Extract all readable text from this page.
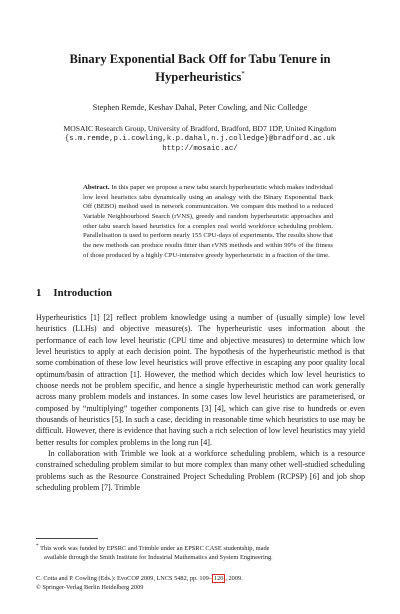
Binary Exponential Back Off for Tabu Tenure in
Hyperheuristics*
Stephen Remde, Keshav Dahal, Peter Cowling, and Nic Colledge
MOSAIC Research Group, University of Bradford, Bradford, BD7 1DP, United Kingdom
{s.m.remde,p.i.cowling,k.p.dahal,n.j.colledge}@bradford.ac.uk
http://mosaic.ac/
Abstract. In this paper we propose a new tabu search hyperheuristic which makes individual low level heuristics tabu dynamically using an analogy with the Binary Exponential Back Off (BEBO) method used in network communication. We compare this method to a reduced Variable Neighbourhood Search (rVNS), greedy and random hyperheuristic approaches and other tabu search based heuristics for a complex real world workforce scheduling problem. Parallelisation is used to perform nearly 155 CPU-days of experiments. The results show that the new methods can produce results fitter than rVNS methods and within 99% of the fitness of those produced by a highly CPU-intensive greedy hyperheuristic in a fraction of the time.
1 Introduction

Hyperheuristics [1] [2] reflect problem knowledge using a number of (usually simple) low level heuristics (LLHs) and objective measure(s). The hyperheuristic uses information about the performance of each low level heuristic (CPU time and objective measures) to determine which low level heuristics to apply at each decision point. The hypothesis of the hyperheuristic method is that some combination of these low level heuristics will prove effective in escaping any poor quality local optimum/basin of attraction [1]. However, the method which decides which low level heuristics to choose needs not be problem specific, and hence a single hyperheuristic method can work generally across many problem models and instances. In some cases low level heuristics are parameterised, or composed by “multiplying” together components [3] [4], which can give rise to hundreds or even thousands of heuristics [5]. In such a case, deciding in reasonable time which heuristics to use may be difficult. However, there is evidence that having such a rich selection of low level heuristics may yield better results for complex problems in the long run [4].

In collaboration with Trimble we look at a workforce scheduling problem, which is a resource constrained scheduling problem similar to but more complex than many other well-studied scheduling problems such as the Resource Constrained Project Scheduling Problem (RCPSP) [6] and job shop scheduling problem [7]. Trimble

* This work was funded by EPSRC and Trimble under an EPSRC CASE studentship, made
available through the Smith Institute for Industrial Mathematics and System Engineering.
C. Cotta and P. Cowling (Eds.): EvoCOP 2009, LNCS 5482, pp. 109– 120 , 2009.
© Springer-Verlag Berlin Heidelberg 2009
